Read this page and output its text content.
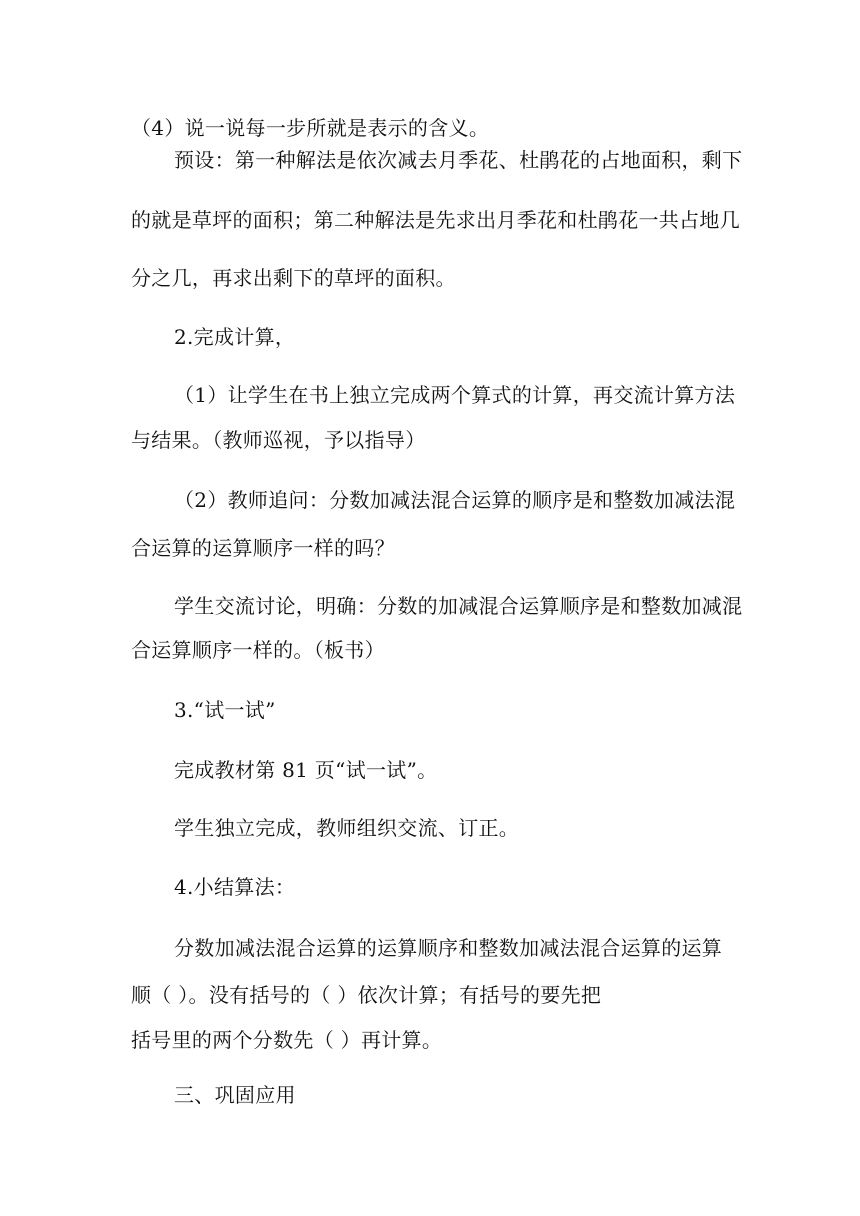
（4）说一说每一步所就是表示的含义。
预设：第一种解法是依次减去月季花、杜鹃花的占地面积，剩下
的就是草坪的面积；第二种解法是先求出月季花和杜鹃花一共占地几
分之几，再求出剩下的草坪的面积。
2.完成计算，
（1）让学生在书上独立完成两个算式的计算，再交流计算方法
与结果。（教师巡视，予以指导）
（2）教师追问：分数加减法混合运算的顺序是和整数加减法混
合运算的运算顺序一样的吗？
学生交流讨论，明确：分数的加减混合运算顺序是和整数加减混
合运算顺序一样的。（板书）
3.“试一试”
完成教材第 81 页“试一试”。
学生独立完成，教师组织交流、订正。
4.小结算法：
分数加减法混合运算的运算顺序和整数加减法混合运算的运算
顺（ ）。没有括号的（ ）依次计算；有括号的要先把
括号里的两个分数先（ ）再计算。
三、巩固应用
